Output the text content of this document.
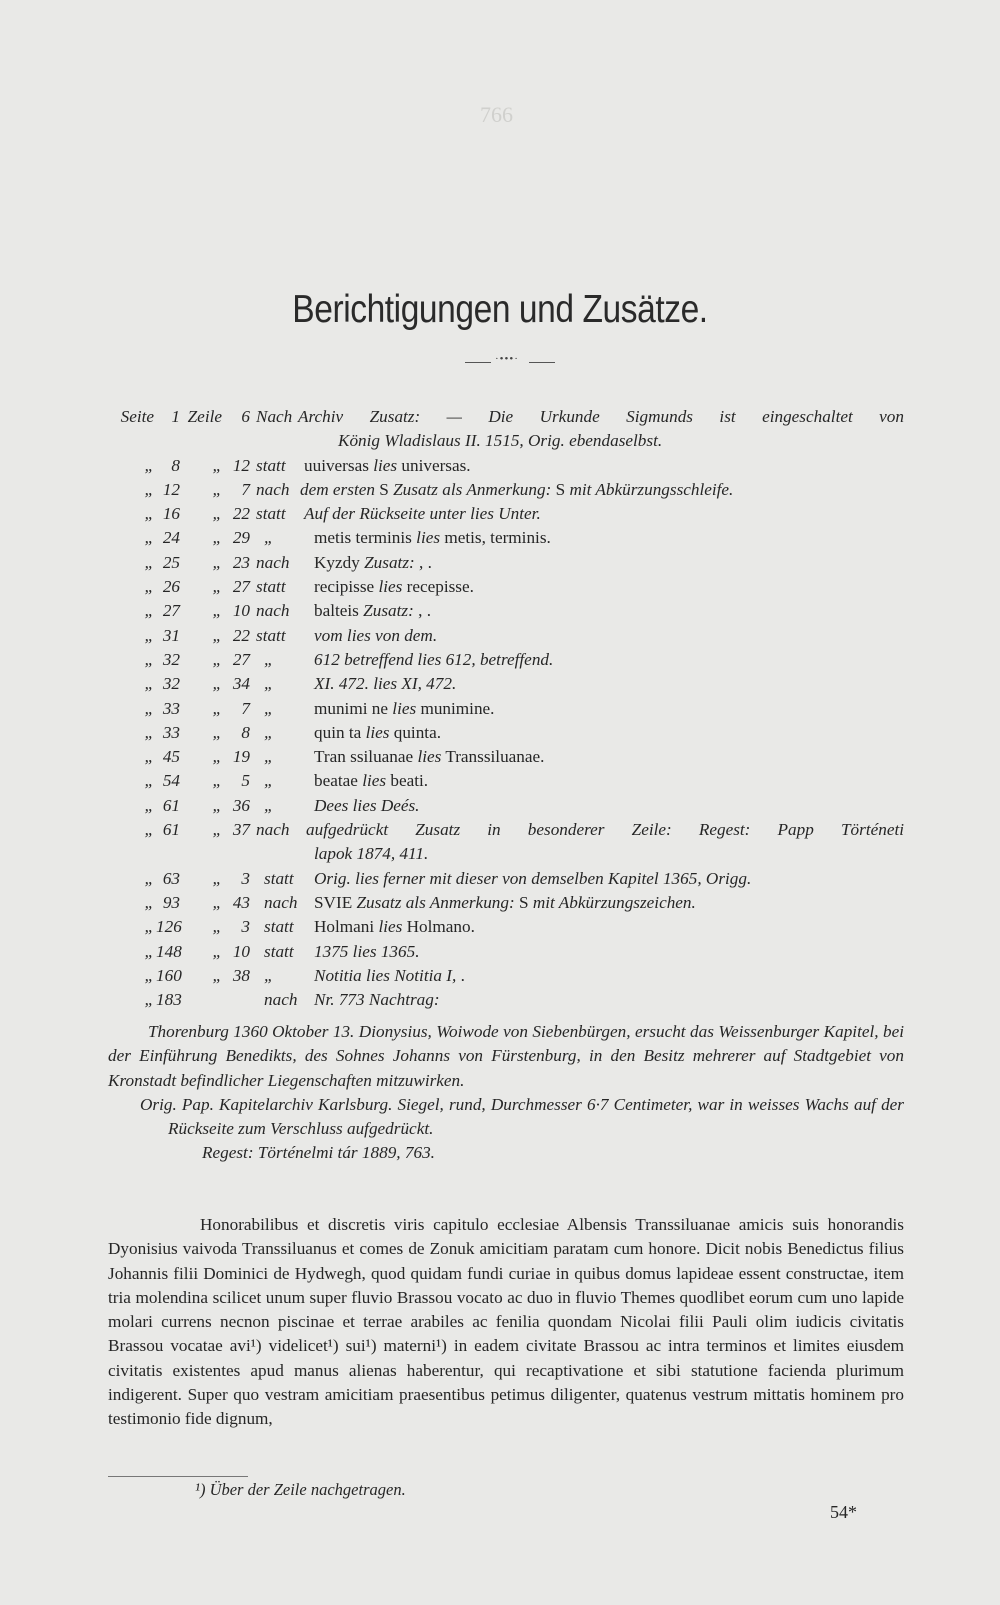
766
Berichtigungen und Zusätze.
·•••·
Seite	1 Zeile	6 Nach Archiv Zusatz: — Die Urkunde Sigmunds ist eingeschaltet von
König Wladislaus II. 1515, Orig. ebendaselbst.
„	8	„ 12 statt uuiversas lies universas.
„ 12	„	7 nach dem ersten S Zusatz als Anmerkung: S mit Abkürzungsschleife.
„ 16	„ 22 statt Auf der Rückseite unter lies Unter.
„ 24	„ 29 „	metis terminis lies metis, terminis.
„ 25	„ 23 nach Kyzdy Zusatz: , .
„ 26	„ 27 statt recipisse lies recepisse.
„ 27	„ 10 nach balteis Zusatz: , .
„ 31	„ 22 statt vom lies von dem.
„ 32	„ 27 „	612 betreffend lies 612, betreffend.
„ 32	„ 34 „	XI. 472. lies XI, 472.
„ 33	„	7 „	munimi ne lies munimine.
„ 33	„	8 „	quin ta lies quinta.
„ 45	„ 19 „	Tran ssiluanae lies Transsiluanae.
„ 54	„	5 „	beatae lies beati.
„ 61	„ 36 „	Dees lies Deés.
„ 61	„ 37 nach aufgedrückt Zusatz in besonderer Zeile: Regest: Papp Történeti
lapok 1874, 411.
„ 63	„	3 statt Orig. lies ferner mit dieser von demselben Kapitel 1365, Origg.
„ 93	„ 43 nach SVIE Zusatz als Anmerkung: S mit Abkürzungszeichen.
„ 126	„	3 statt Holmani lies Holmano.
„ 148	„ 10 statt 1375 lies 1365.
„ 160	„ 38 „	Notitia lies Notitia I, .
„ 183	nach Nr. 773 Nachtrag:

Thorenburg 1360 Oktober 13. Dionysius, Woiwode von Siebenbürgen, ersucht das Weissenburger Kapitel, bei der Einführung Benedikts, des Sohnes Johanns von Fürstenburg, in den Besitz mehrerer auf Stadtgebiet von Kronstadt befindlicher Liegenschaften mitzuwirken.

Orig. Pap. Kapitelarchiv Karlsburg. Siegel, rund, Durchmesser 6·7 Centimeter, war in weisses Wachs auf der Rückseite zum Verschluss aufgedrückt.

Regest: Történelmi tár 1889, 763.

Honorabilibus et discretis viris capitulo ecclesiae Albensis Transsiluanae amicis suis honorandis Dyonisius vaivoda Transsiluanus et comes de Zonuk amicitiam paratam cum honore. Dicit nobis Benedictus filius Johannis filii Dominici de Hydwegh, quod quidam fundi curiae in quibus domus lapideae essent constructae, item tria molendina scilicet unum super fluvio Brassou vocato ac duo in fluvio Themes quodlibet eorum cum uno lapide molari currens necnon piscinae et terrae arabiles ac fenilia quondam Nicolai filii Pauli olim iudicis civitatis Brassou vocatae avi¹) videlicet¹) sui¹) materni¹) in eadem civitate Brassou ac intra terminos et limites eiusdem civitatis existentes apud manus alienas haberentur, qui recaptivatione et sibi statutione facienda plurimum indigerent. Super quo vestram amicitiam praesentibus petimus diligenter, quatenus vestrum mittatis hominem pro testimonio fide dignum,

¹) Über der Zeile nachgetragen.
54*
